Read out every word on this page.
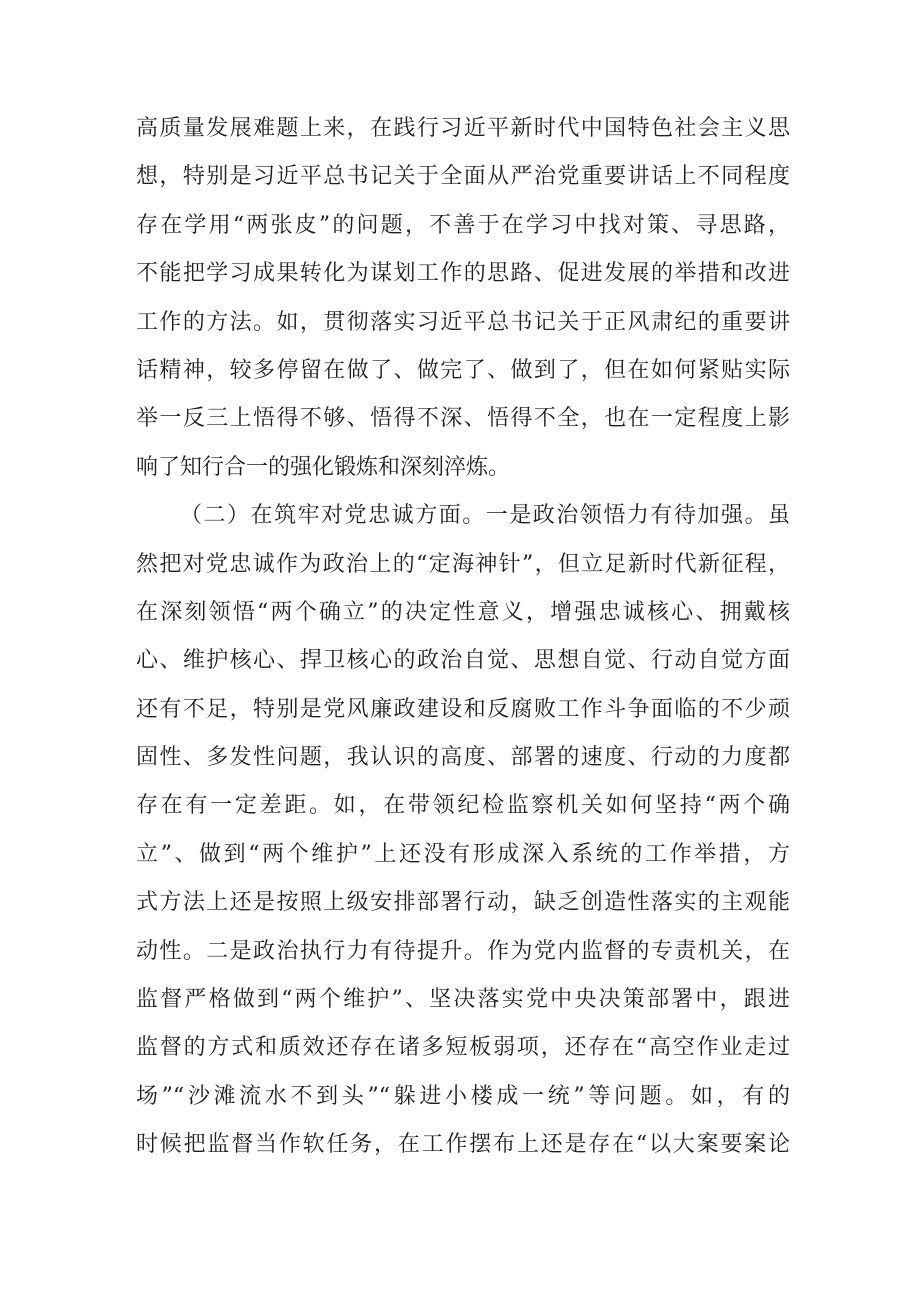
高质量发展难题上来，在践行习近平新时代中国特色社会主义思
想，特别是习近平总书记关于全面从严治党重要讲话上不同程度
存在学用“两张皮”的问题，不善于在学习中找对策、寻思路，
不能把学习成果转化为谋划工作的思路、促进发展的举措和改进
工作的方法。如，贯彻落实习近平总书记关于正风肃纪的重要讲
话精神，较多停留在做了、做完了、做到了，但在如何紧贴实际
举一反三上悟得不够、悟得不深、悟得不全，也在一定程度上影
响了知行合一的强化锻炼和深刻淬炼。
（二）在筑牢对党忠诚方面。一是政治领悟力有待加强。虽
然把对党忠诚作为政治上的“定海神针”，但立足新时代新征程，
在深刻领悟“两个确立”的决定性意义，增强忠诚核心、拥戴核
心、维护核心、捍卫核心的政治自觉、思想自觉、行动自觉方面
还有不足，特别是党风廉政建设和反腐败工作斗争面临的不少顽
固性、多发性问题，我认识的高度、部署的速度、行动的力度都
存在有一定差距。如，在带领纪检监察机关如何坚持“两个确
立”、做到“两个维护”上还没有形成深入系统的工作举措，方
式方法上还是按照上级安排部署行动，缺乏创造性落实的主观能
动性。二是政治执行力有待提升。作为党内监督的专责机关，在
监督严格做到“两个维护”、坚决落实党中央决策部署中，跟进
监督的方式和质效还存在诸多短板弱项，还存在“高空作业走过
场”“沙滩流水不到头”“躲进小楼成一统”等问题。如，有的
时候把监督当作软任务，在工作摆布上还是存在“以大案要案论
